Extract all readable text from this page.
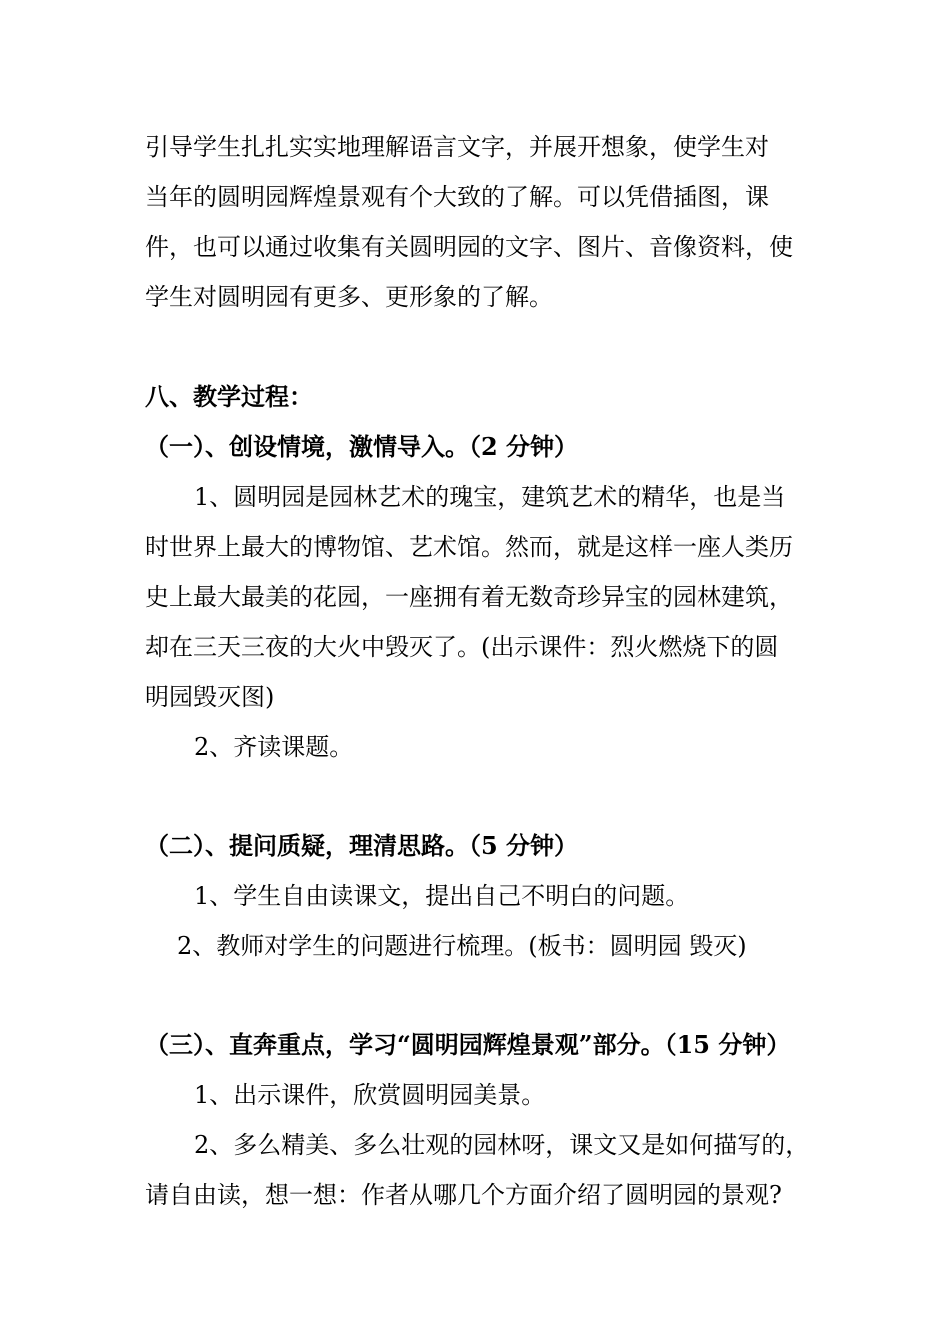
引导学生扎扎实实地理解语言文字，并展开想象，使学生对
当年的圆明园辉煌景观有个大致的了解。可以凭借插图，课
件，也可以通过收集有关圆明园的文字、图片、音像资料，使
学生对圆明园有更多、更形象的了解。
八、教学过程：
（一）、创设情境，激情导入。（2 分钟）
1、圆明园是园林艺术的瑰宝，建筑艺术的精华，也是当
时世界上最大的博物馆、艺术馆。然而，就是这样一座人类历
史上最大最美的花园，一座拥有着无数奇珍异宝的园林建筑，
却在三天三夜的大火中毁灭了。(出示课件：烈火燃烧下的圆
明园毁灭图)
2、齐读课题。
（二）、提问质疑，理清思路。（5 分钟）
1、学生自由读课文，提出自己不明白的问题。
2、教师对学生的问题进行梳理。(板书：圆明园 毁灭)
（三）、直奔重点，学习“圆明园辉煌景观”部分。（15 分钟）
1、出示课件，欣赏圆明园美景。
2、多么精美、多么壮观的园林呀，课文又是如何描写的，
请自由读，想一想：作者从哪几个方面介绍了圆明园的景观?
